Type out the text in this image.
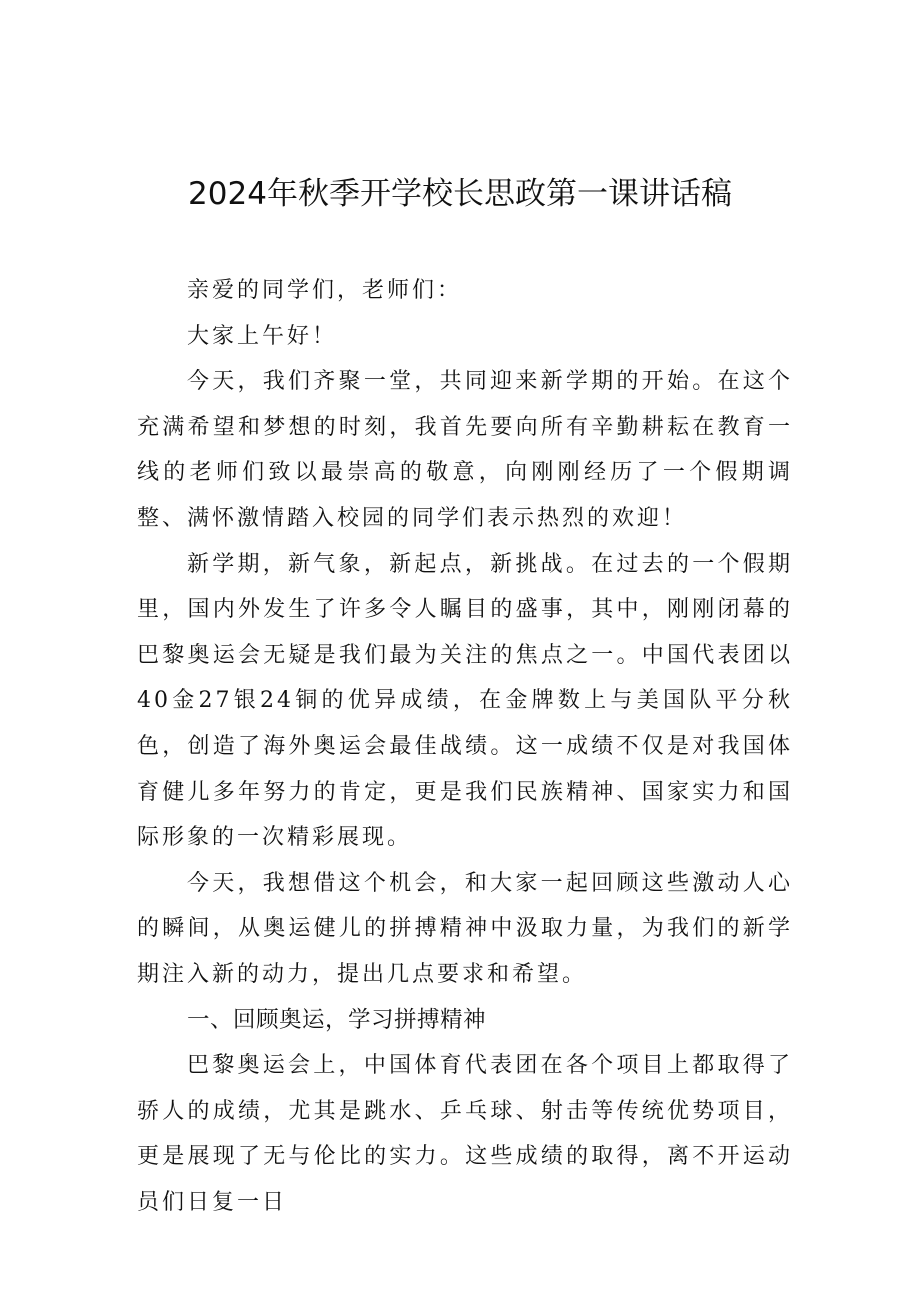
2024年秋季开学校长思政第一课讲话稿

亲爱的同学们，老师们：

大家上午好！

今天，我们齐聚一堂，共同迎来新学期的开始。在这个充满希望和梦想的时刻，我首先要向所有辛勤耕耘在教育一线的老师们致以最崇高的敬意，向刚刚经历了一个假期调整、满怀激情踏入校园的同学们表示热烈的欢迎！

新学期，新气象，新起点，新挑战。在过去的一个假期里，国内外发生了许多令人瞩目的盛事，其中，刚刚闭幕的巴黎奥运会无疑是我们最为关注的焦点之一。中国代表团以40金27银24铜的优异成绩，在金牌数上与美国队平分秋色，创造了海外奥运会最佳战绩。这一成绩不仅是对我国体育健儿多年努力的肯定，更是我们民族精神、国家实力和国际形象的一次精彩展现。

今天，我想借这个机会，和大家一起回顾这些激动人心的瞬间，从奥运健儿的拼搏精神中汲取力量，为我们的新学期注入新的动力，提出几点要求和希望。

一、回顾奥运，学习拼搏精神

巴黎奥运会上，中国体育代表团在各个项目上都取得了骄人的成绩，尤其是跳水、乒乓球、射击等传统优势项目，更是展现了无与伦比的实力。这些成绩的取得，离不开运动员们日复一日
